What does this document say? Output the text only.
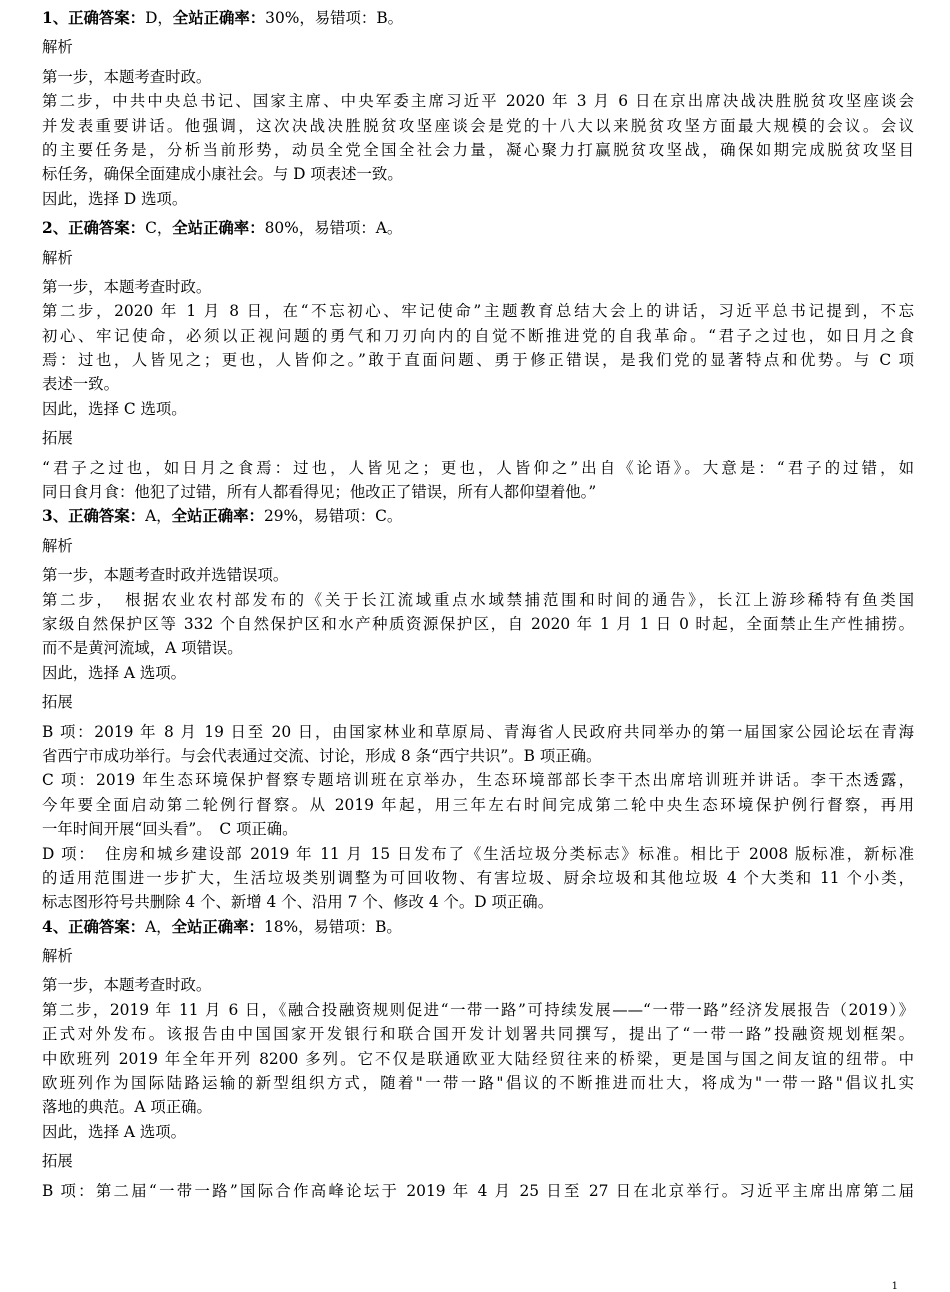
1、正确答案：D，全站正确率：30%，易错项：B。
解析
第一步，本题考查时政。
第二步，中共中央总书记、国家主席、中央军委主席习近平 2020 年 3 月 6 日在京出席决战决胜脱贫攻坚座谈会
并发表重要讲话。他强调，这次决战决胜脱贫攻坚座谈会是党的十八大以来脱贫攻坚方面最大规模的会议。会议
的主要任务是，分析当前形势，动员全党全国全社会力量，凝心聚力打赢脱贫攻坚战，确保如期完成脱贫攻坚目
标任务，确保全面建成小康社会。与 D 项表述一致。
因此，选择 D 选项。
2、正确答案：C，全站正确率：80%，易错项：A。
解析
第一步，本题考查时政。
第二步，2020 年 1 月 8 日，在“不忘初心、牢记使命”主题教育总结大会上的讲话，习近平总书记提到，不忘
初心、牢记使命，必须以正视问题的勇气和刀刃向内的自觉不断推进党的自我革命。“君子之过也，如日月之食
焉：过也，人皆见之；更也，人皆仰之。”敢于直面问题、勇于修正错误，是我们党的显著特点和优势。与 C 项
表述一致。
因此，选择 C 选项。
拓展
“君子之过也，如日月之食焉：过也，人皆见之；更也，人皆仰之”出自《论语》。大意是：“君子的过错，如
同日食月食：他犯了过错，所有人都看得见；他改正了错误，所有人都仰望着他。”
3、正确答案：A，全站正确率：29%，易错项：C。
解析
第一步，本题考查时政并选错误项。
第二步，　根据农业农村部发布的《关于长江流域重点水域禁捕范围和时间的通告》，长江上游珍稀特有鱼类国
家级自然保护区等 332 个自然保护区和水产种质资源保护区，自 2020 年 1 月 1 日 0 时起，全面禁止生产性捕捞。
而不是黄河流域，A 项错误。
因此，选择 A 选项。
拓展
B 项：2019 年 8 月 19 日至 20 日，由国家林业和草原局、青海省人民政府共同举办的第一届国家公园论坛在青海
省西宁市成功举行。与会代表通过交流、讨论，形成 8 条“西宁共识”。B 项正确。
C 项：2019 年生态环境保护督察专题培训班在京举办，生态环境部部长李干杰出席培训班并讲话。李干杰透露，
今年要全面启动第二轮例行督察。从 2019 年起，用三年左右时间完成第二轮中央生态环境保护例行督察，再用
一年时间开展“回头看”。　C 项正确。
D 项：　住房和城乡建设部 2019 年 11 月 15 日发布了《生活垃圾分类标志》标准。相比于 2008 版标准，新标准
的适用范围进一步扩大，生活垃圾类别调整为可回收物、有害垃圾、厨余垃圾和其他垃圾 4 个大类和 11 个小类，
标志图形符号共删除 4 个、新增 4 个、沿用 7 个、修改 4 个。D 项正确。
4、正确答案：A，全站正确率：18%，易错项：B。
解析
第一步，本题考查时政。
第二步，2019 年 11 月 6 日，《融合投融资规则促进“一带一路”可持续发展——“一带一路”经济发展报告（2019）》
正式对外发布。该报告由中国国家开发银行和联合国开发计划署共同撰写，提出了“一带一路”投融资规划框架。
中欧班列 2019 年全年开列 8200 多列。它不仅是联通欧亚大陆经贸往来的桥梁，更是国与国之间友谊的纽带。中
欧班列作为国际陆路运输的新型组织方式，随着"一带一路"倡议的不断推进而壮大，将成为"一带一路"倡议扎实
落地的典范。A 项正确。
因此，选择 A 选项。
拓展
B 项：第二届“一带一路”国际合作高峰论坛于 2019 年 4 月 25 日至 27 日在北京举行。习近平主席出席第二届
1
